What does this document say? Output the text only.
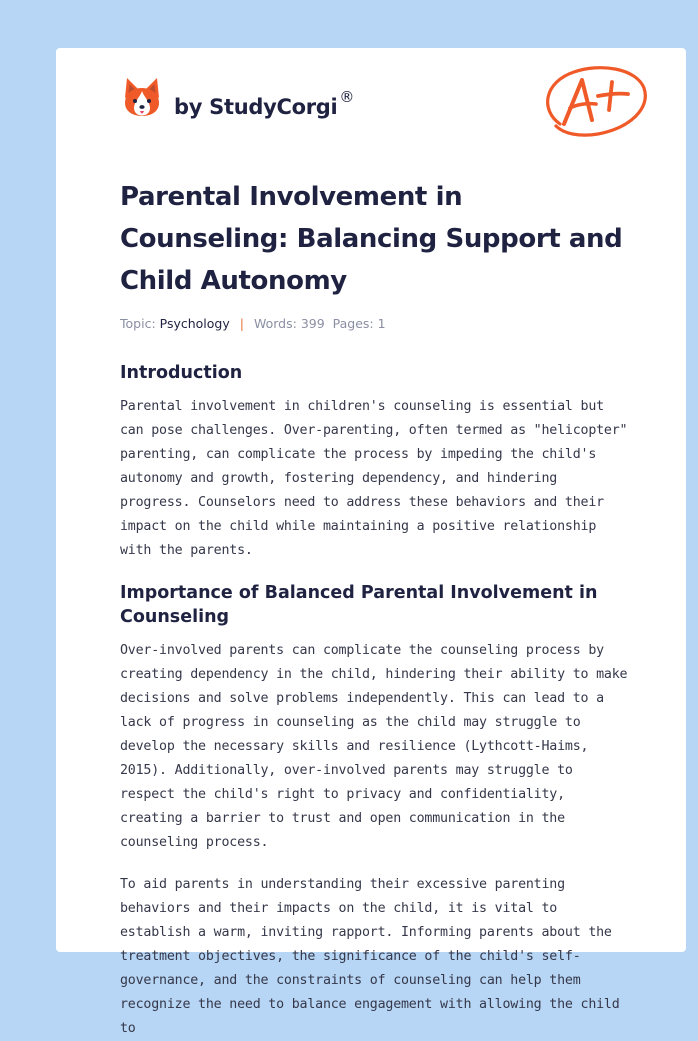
by StudyCorgi ®
Parental Involvement in Counseling: Balancing Support and Child Autonomy
Topic: Psychology | Words: 399 Pages: 1
Introduction

Parental involvement in children's counseling is essential but can pose challenges. Over-parenting, often termed as "helicopter" parenting, can complicate the process by impeding the child's autonomy and growth, fostering dependency, and hindering progress. Counselors need to address these behaviors and their impact on the child while maintaining a positive relationship with the parents.

Importance of Balanced Parental Involvement in Counseling

Over-involved parents can complicate the counseling process by creating dependency in the child, hindering their ability to make decisions and solve problems independently. This can lead to a lack of progress in counseling as the child may struggle to develop the necessary skills and resilience (Lythcott-Haims, 2015). Additionally, over-involved parents may struggle to respect the child's right to privacy and confidentiality, creating a barrier to trust and open communication in the counseling process.

To aid parents in understanding their excessive parenting behaviors and their impacts on the child, it is vital to establish a warm, inviting rapport. Informing parents about the treatment objectives, the significance of the child's self-governance, and the constraints of counseling can help them recognize the need to balance engagement with allowing the child to
